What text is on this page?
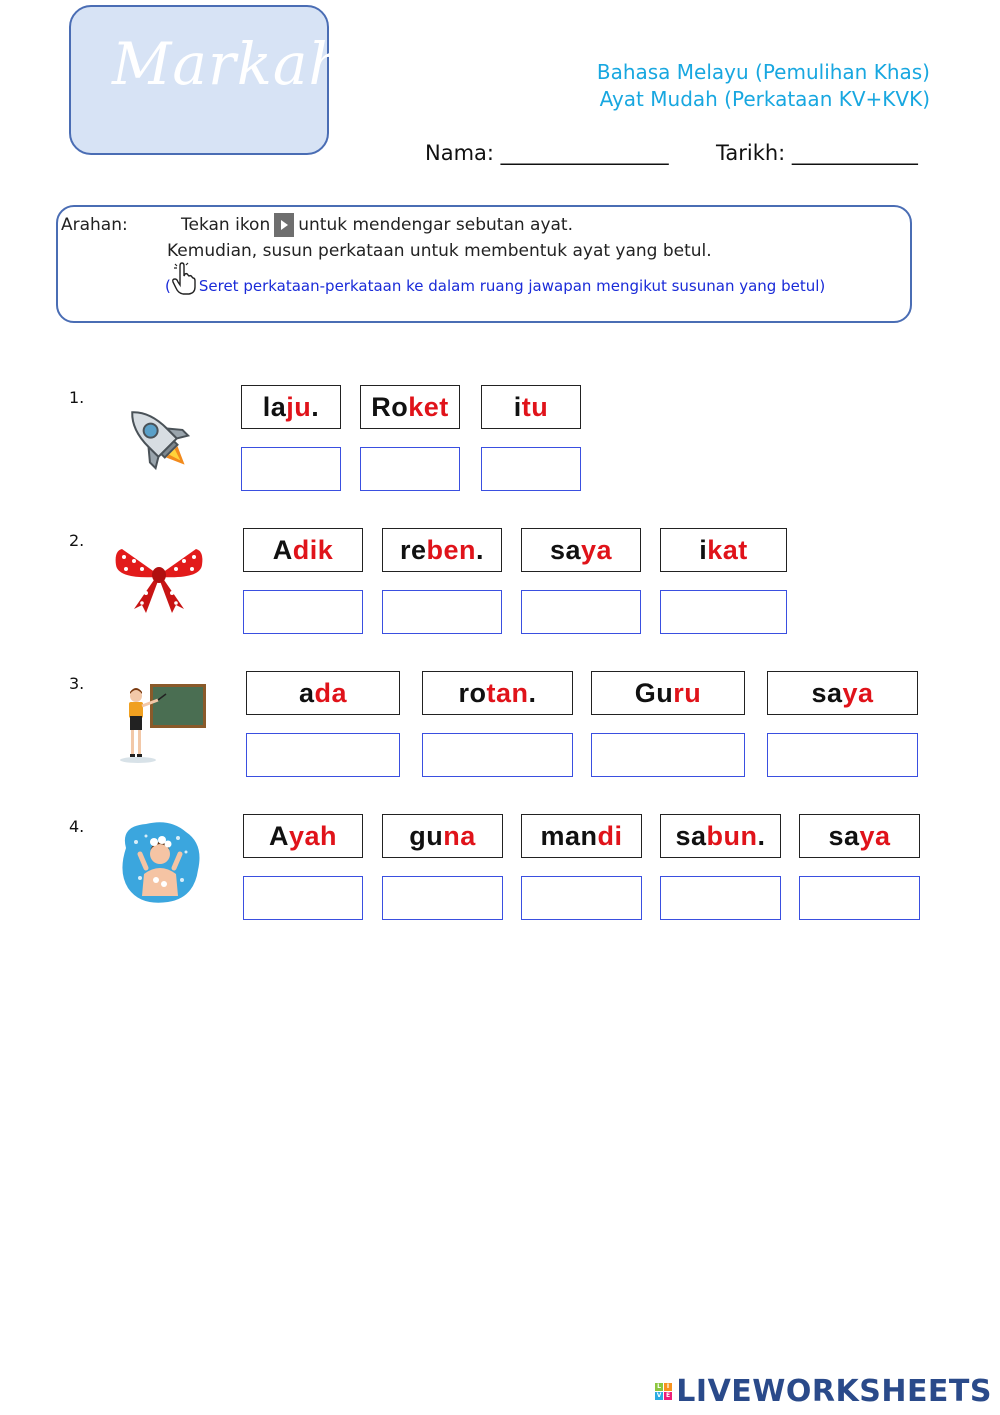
Markah	Bahasa Melayu (Pemulihan Khas)
Ayat Mudah (Perkataan KV+KVK)
Nama: ________________ Tarikh: ____________
Arahan:	Tekan ikon untuk mendengar sebutan ayat.
Kemudian, susun perkataan untuk membentuk ayat yang betul.
( Seret perkataan-perkataan ke dalam ruang jawapan mengikut susunan yang betul)
1.
2.
3.
4.
la ju . Ro ket i tu
A dik re ben . sa ya	i kat
a da	ro tan .	Gu ru	sa ya
A yah	gu na man di sa bun . sa ya
L I
V E LIVEWORKSHEETS
